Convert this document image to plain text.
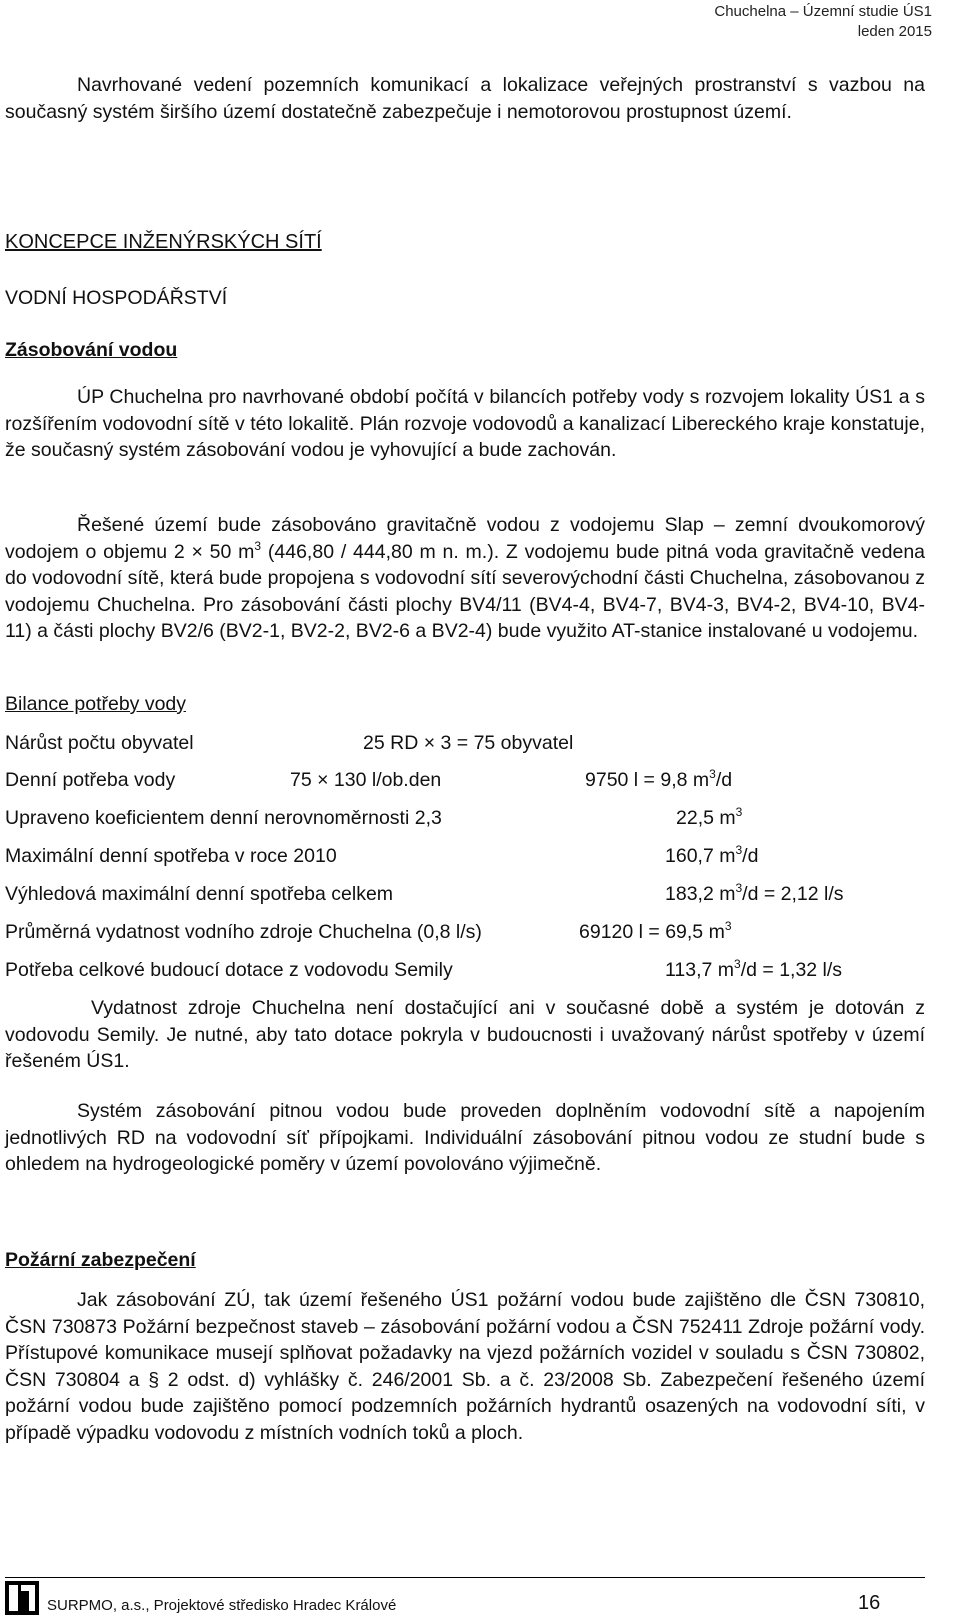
Chuchelna – Územní studie ÚS1
leden 2015

Navrhované vedení pozemních komunikací a lokalizace veřejných prostranství s vazbou na současný systém širšího území dostatečně zabezpečuje i nemotorovou prostupnost území.

KONCEPCE INŽENÝRSKÝCH SÍTÍ
VODNÍ HOSPODÁŘSTVÍ
Zásobování vodou

ÚP Chuchelna pro navrhované období počítá v bilancích potřeby vody s rozvojem lokality ÚS1 a s rozšířením vodovodní sítě v této lokalitě. Plán rozvoje vodovodů a kanalizací Libereckého kraje konstatuje, že současný systém zásobování vodou je vyhovující a bude zachován.

Řešené území bude zásobováno gravitačně vodou z vodojemu Slap – zemní dvoukomorový vodojem o objemu 2 × 50 $m^3$ (446,80 / 444,80 m n. m.). Z vodojemu bude pitná voda gravitačně vedena do vodovodní sítě, která bude propojena s vodovodní sítí severovýchodní části Chuchelna, zásobovanou z vodojemu Chuchelna. Pro zásobování části plochy BV4/11 (BV4-4, BV4-7, BV4-3, BV4-2, BV4-10, BV4-11) a části plochy BV2/6 (BV2-1, BV2-2, BV2-6 a BV2-4) bude využito AT-stanice instalované u vodojemu.

Bilance potřeby vody
Nárůst počtu obyvatel	25 RD × 3 = 75 obyvatel
Denní potřeba vody	75 × 130 l/ob.den	9750 l = 9,8 $m^3/d$
Upraveno koeficientem denní nerovnoměrnosti 2,3	22,5 $m^3$
Maximální denní spotřeba v roce 2010	160,7 $m^3/d$
Výhledová maximální denní spotřeba celkem	183,2 $m^3/d = 2,12$ l/s
Průměrná vydatnost vodního zdroje Chuchelna (0,8 l/s)	69120 l = 69,5 $m^3$
Potřeba celkové budoucí dotace z vodovodu Semily	113,7 $m^3/d = 1,32$ l/s

Vydatnost zdroje Chuchelna není dostačující ani v současné době a systém je dotován z vodovodu Semily. Je nutné, aby tato dotace pokryla v budoucnosti i uvažovaný nárůst spotřeby v území řešeném ÚS1.

Systém zásobování pitnou vodou bude proveden doplněním vodovodní sítě a napojením jednotlivých RD na vodovodní síť přípojkami. Individuální zásobování pitnou vodou ze studní bude s ohledem na hydrogeologické poměry v území povolováno výjimečně.

Požární zabezpečení

Jak zásobování ZÚ, tak území řešeného ÚS1 požární vodou bude zajištěno dle ČSN 730810, ČSN 730873 Požární bezpečnost staveb – zásobování požární vodou a ČSN 752411 Zdroje požární vody. Přístupové komunikace musejí splňovat požadavky na vjezd požárních vozidel v souladu s ČSN 730802, ČSN 730804 a § 2 odst. d) vyhlášky č. 246/2001 Sb. a č. 23/2008 Sb. Zabezpečení řešeného území požární vodou bude zajištěno pomocí podzemních požárních hydrantů osazených na vodovodní síti, v případě výpadku vodovodu z místních vodních toků a ploch.

SURPMO, a.s., Projektové středisko Hradec Králové	16
